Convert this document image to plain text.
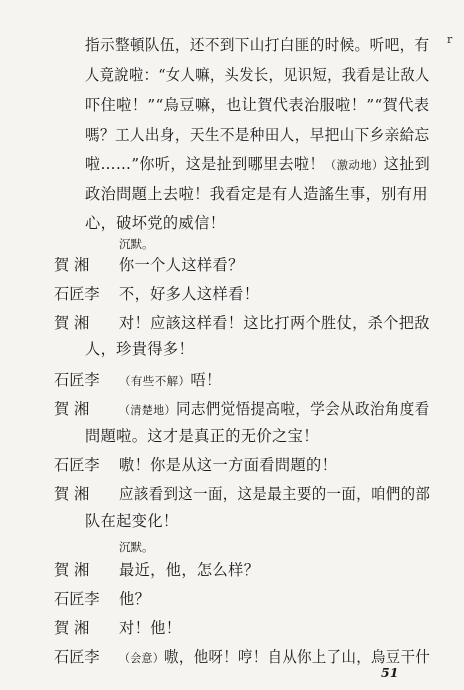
r
指示整頓队伍，还不到下山打白匪的时候。听吧，有
人竟說啦：“女人嘛，头发长，见识短，我看是让敌人
吓住啦！”“烏豆嘛，也让賀代表治服啦！”“賀代表
嗎？工人出身，天生不是种田人，早把山下乡亲給忘
啦……”你听，这是扯到哪里去啦！（激动地）这扯到
政治問題上去啦！我看定是有人造謠生事，别有用
心，破坏党的威信！
沉默。
賀 湘 你一个人这样看？
石匠李 不，好多人这样看！
賀 湘 对！应該这样看！这比打两个胜仗，杀个把敌
人，珍貴得多！
石匠李 （有些不解）唔！
賀 湘	（清楚地）同志們觉悟提高啦，学会从政治角度看
問題啦。这才是真正的无价之宝！
石匠李 嗷！你是从这一方面看問題的！
賀 湘 应該看到这一面，这是最主要的一面，咱們的部
队在起变化！
沉默。
賀 湘 最近，他，怎么样？
石匠李 他？
賀 湘 对！他！
石匠李 （会意）嗷，他呀！哼！自从你上了山，烏豆干什
51
